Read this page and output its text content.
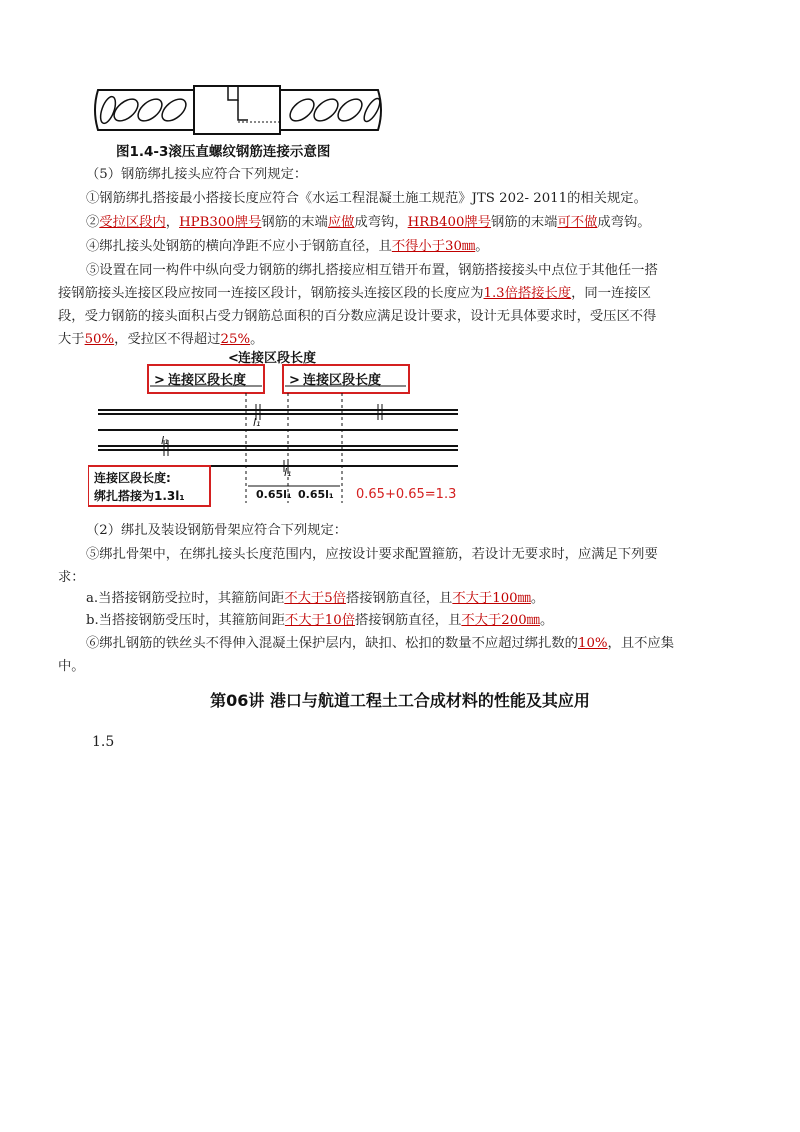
图1.4-3滚压直螺纹钢筋连接示意图

（5）钢筋绑扎接头应符合下列规定：

①钢筋绑扎搭接最小搭接长度应符合《水运工程混凝土施工规范》JTS 202- 2011的相关规定。

②受拉区段内，HPB300牌号钢筋的末端应做成弯钩，HRB400牌号钢筋的末端可不做成弯钩。

④绑扎接头处钢筋的横向净距不应小于钢筋直径，且不得小于30㎜。

⑤设置在同一构件中纵向受力钢筋的绑扎搭接应相互错开布置，钢筋搭接接头中点位于其他任一搭

接钢筋接头连接区段应按同一连接区段计，钢筋接头连接区段的长度应为1.3倍搭接长度，同一连接区

段，受力钢筋的接头面积占受力钢筋总面积的百分数应满足设计要求，设计无具体要求时，受压区不得

大于50%，受拉区不得超过25%。

< 连接区段长度
> 连接区段长度	> 连接区段长度
l₁
l₁
l₁
连接区段长度:
绑扎搭接为1.3l₁	0.65l₁ 0.65l₁ 0.65+0.65=1.3

（2）绑扎及装设钢筋骨架应符合下列规定：

⑤绑扎骨架中，在绑扎接头长度范围内，应按设计要求配置箍筋，若设计无要求时，应满足下列要

求：

a.当搭接钢筋受拉时，其箍筋间距不大于5倍搭接钢筋直径，且不大于100㎜。

b.当搭接钢筋受压时，其箍筋间距不大于10倍搭接钢筋直径，且不大于200㎜。

⑥绑扎钢筋的铁丝头不得伸入混凝土保护层内，缺扣、松扣的数量不应超过绑扎数的10%，且不应集

中。

第06讲 港口与航道工程土工合成材料的性能及其应用
1.5
